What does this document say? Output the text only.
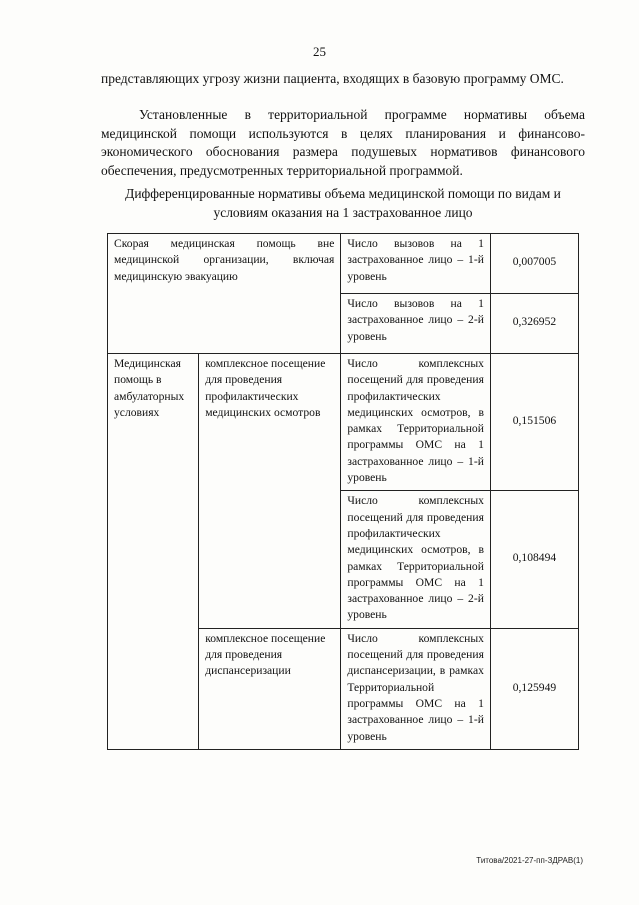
25

представляющих угрозу жизни пациента, входящих в базовую программу ОМС.

Установленные в территориальной программе нормативы объема медицинской помощи используются в целях планирования и финансово-экономического обоснования размера подушевых нормативов финансового обеспечения, предусмотренных территориальной программой.

Дифференцированные нормативы объема медицинской помощи по видам и условиям оказания на 1 застрахованное лицо

Скорая медицинская помощь вне медицинской организации, включая медицинскую эвакуацию		Число вызовов на 1 застрахованное лицо – 1-й уровень	0,007005
		Число вызовов на 1 застрахованное лицо – 2-й уровень	0,326952
Медицинская помощь в амбулаторных условиях	комплексное посещение для проведения профилактических медицинских осмотров	Число комплексных посещений для проведения профилактических медицинских осмотров, в рамках Территориальной программы ОМС на 1 застрахованное лицо – 1-й уровень	0,151506
		Число комплексных посещений для проведения профилактических медицинских осмотров, в рамках Территориальной программы ОМС на 1 застрахованное лицо – 2-й уровень	0,108494
	комплексное посещение для проведения диспансеризации	Число комплексных посещений для проведения диспансеризации, в рамках Территориальной программы ОМС на 1 застрахованное лицо – 1-й уровень	0,125949
Титова/2021-27-пп-ЗДРАВ(1)
